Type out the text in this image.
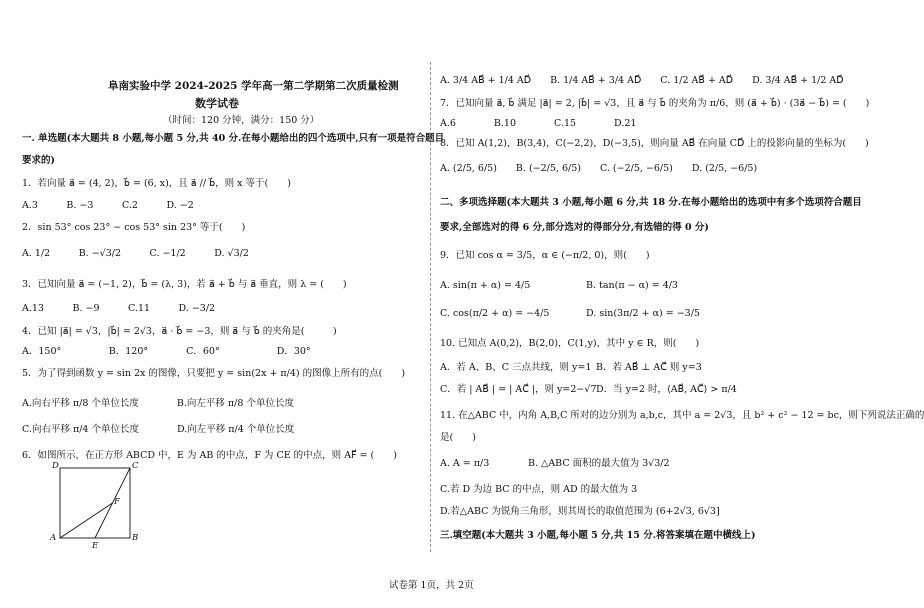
阜南实验中学 2024-2025 学年高一第二学期第二次质量检测
数学试卷
（时间：120 分钟，满分：150 分）
一. 单选题(本大题共 8 小题,每小题 5 分,共 40 分.在每小题给出的四个选项中,只有一项是符合题目
要求的)
1．若向量 a⃗ = (4, 2)，b⃗ = (6, x)，且 a⃗ // b⃗，则 x 等于(　　)
A.3　　　B. −3　　　C.2　　　D. −2
2．sin 53° cos 23° − cos 53° sin 23° 等于(　　)
A. 1/2　　　B. −√3/2　　　C. −1/2　　　D. √3/2
3．已知向量 a⃗ = (−1, 2)，b⃗ = (λ, 3)，若 a⃗ + b⃗ 与 a⃗ 垂直，则 λ = (　　)
A.13　　　B. −9　　　C.11　　　D. −3/2
4．已知 |a⃗| = √3，|b⃗| = 2√3，a⃗ · b⃗ = −3，则 a⃗ 与 b⃗ 的夹角是(　　　)
A．150°　　　　　B．120°　　　　C．60°　　　　　　D．30°
5．为了得到函数 y = sin 2x 的图像，只要把 y = sin(2x + π/4) 的图像上所有的点(　　)
A.向右平移 π/8 个单位长度　　　　B.向左平移 π/8 个单位长度
C.向右平移 π/4 个单位长度　　　　D.向左平移 π/4 个单位长度
6．如图所示，在正方形 ABCD 中，E 为 AB 的中点，F 为 CE 的中点，则 AF⃗ = (　　)
D	C
F
A
E
B
A. 3/4 AB⃗ + 1/4 AD⃗　　B. 1/4 AB⃗ + 3/4 AD⃗　　C. 1/2 AB⃗ + AD⃗　　D. 3/4 AB⃗ + 1/2 AD⃗
7．已知向量 a⃗, b⃗ 满足 |a⃗| = 2, |b⃗| = √3，且 a⃗ 与 b⃗ 的夹角为 π/6，则 (a⃗ + b⃗) · (3a⃗ − b⃗) = (　　)
A.6　　　　B.10　　　　C.15　　　　D.21
8．已知 A(1,2)，B(3,4)，C(−2,2)，D(−3,5)，则向量 AB⃗ 在向量 CD⃗ 上的投影向量的坐标为(　　)
A. (2/5, 6/5)　　B. (−2/5, 6/5)　　C. (−2/5, −6/5)　　D. (2/5, −6/5)
二、多项选择题(本大题共 3 小题,每小题 6 分,共 18 分.在每小题给出的选项中有多个选项符合题目
要求,全部选对的得 6 分,部分选对的得部分分,有选错的得 0 分)
9．已知 cos α = 3/5，α ∈ (−π/2, 0)，则(　　)
A. sin(π + α) = 4/5	B. tan(π − α) = 4/3
C. cos(π/2 + α) = −4/5	D. sin(3π/2 + α) = −3/5
10. 已知点 A(0,2)，B(2,0)，C(1,y)，其中 y ∈ R，则(　　)
A．若 A、B、C 三点共线，则 y=1 B．若 AB⃗ ⊥ AC⃗ 则 y=3
C．若 | AB⃗ | = | AC⃗ |，则 y=2−√7 D．当 y=2 时，⟨AB⃗, AC⃗⟩ > π/4
11. 在△ABC 中，内角 A,B,C 所对的边分别为 a,b,c，其中 a = 2√3，且 b² + c² − 12 = bc，则下列说法正确的
是(　　)
A. A = π/3	B. △ABC 面积的最大值为 3√3/2
C.若 D 为边 BC 的中点，则 AD 的最大值为 3
D.若△ABC 为锐角三角形，则其周长的取值范围为 (6+2√3, 6√3]
三.填空题(本大题共 3 小题,每小题 5 分,共 15 分.将答案填在题中横线上)
试卷第 1页，共 2页
